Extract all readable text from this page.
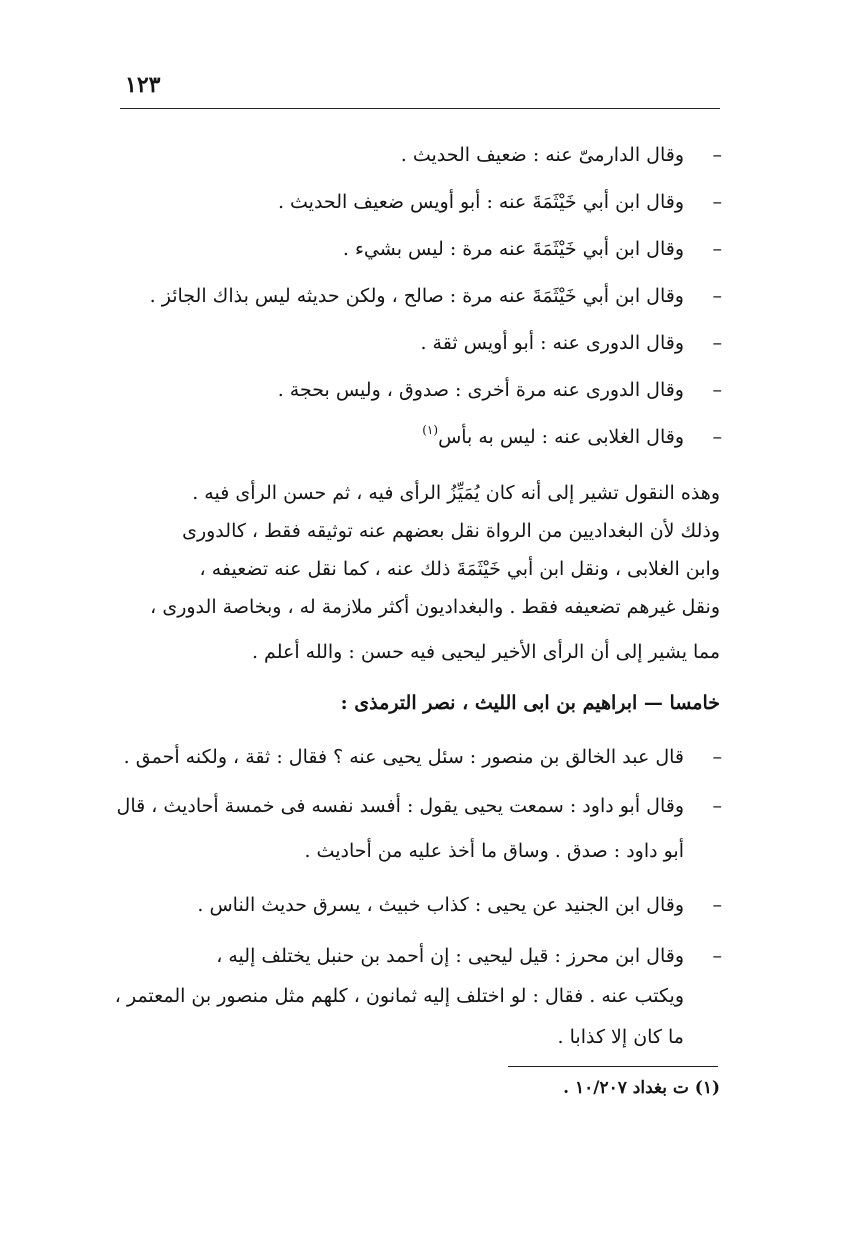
١٢٣
–وقال الدارمىّ عنه : ضعيف الحديث .
–وقال ابن أبي خَيْثَمَةَ عنه : أبو أويس ضعيف الحديث .
–وقال ابن أبي خَيْثَمَةَ عنه مرة : ليس بشيء .
–وقال ابن أبي خَيْثَمَةَ عنه مرة : صالح ، ولكن حديثه ليس بذاك الجائز .
–وقال الدورى عنه : أبو أويس ثقة .
–وقال الدورى عنه مرة أخرى : صدوق ، وليس بحجة .
–وقال الغلابى عنه : ليس به بأس$^{(١)}$
وهذه النقول تشير إلى أنه كان يُمَيِّزُ الرأى فيه ، ثم حسن الرأى فيه .
وذلك لأن البغداديين من الرواة نقل بعضهم عنه توثيقه فقط ، كالدورى
وابن الغلابى ، ونقل ابن أبي خَيْثَمَةَ ذلك عنه ، كما نقل عنه تضعيفه ،
ونقل غيرهم تضعيفه فقط . والبغداديون أكثر ملازمة له ، وبخاصة الدورى ،
مما يشير إلى أن الرأى الأخير ليحيى فيه حسن : والله أعلم .
خامسا — ابراهيم بن ابى الليث ، نصر الترمذى :
–قال عبد الخالق بن منصور : سئل يحيى عنه ؟ فقال : ثقة ، ولكنه أحمق .
–وقال أبو داود : سمعت يحيى يقول : أفسد نفسه فى خمسة أحاديث ، قال
أبو داود : صدق . وساق ما أخذ عليه من أحاديث .
–وقال ابن الجنيد عن يحيى : كذاب خبيث ، يسرق حديث الناس .
–وقال ابن محرز : قيل ليحيى : إن أحمد بن حنبل يختلف إليه ،
ويكتب عنه . فقال : لو اختلف إليه ثمانون ، كلهم مثل منصور بن المعتمر ،
ما كان إلا كذابا .
(١) ت بغداد ١٠/٢٠٧ .
